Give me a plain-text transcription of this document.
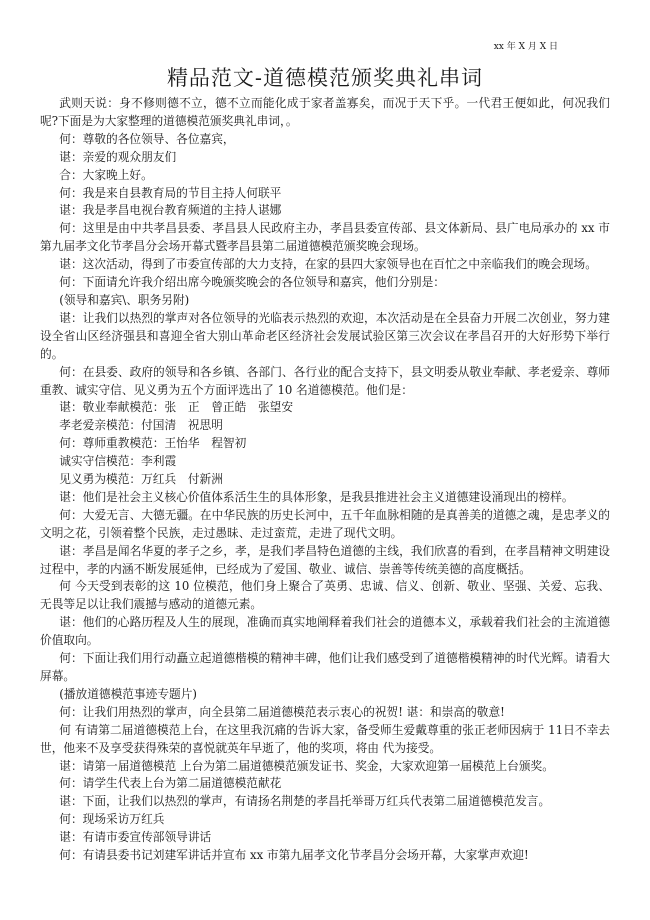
xx 年 X 月 X 日
精品范文-道德模范颁奖典礼串词

武则天说：身不修则德不立，德不立而能化成于家者盖寡矣，而况于天下乎。一代君王便如此，何况我们呢?下面是为大家整理的道德模范颁奖典礼串词，。

何：尊敬的各位领导、各位嘉宾，

谌：亲爱的观众朋友们

合：大家晚上好。

何：我是来自县教育局的节目主持人何联平

谌：我是孝昌电视台教育频道的主持人谌娜

何：这里是由中共孝昌县委、孝昌县人民政府主办，孝昌县委宣传部、县文体新局、县广电局承办的 xx 市第九届孝文化节孝昌分会场开幕式暨孝昌县第二届道德模范颁奖晚会现场。

谌：这次活动，得到了市委宣传部的大力支持，在家的县四大家领导也在百忙之中亲临我们的晚会现场。

何：下面请允许我介绍出席今晚颁奖晚会的各位领导和嘉宾，他们分别是：

(领导和嘉宾\、职务另附)

谌：让我们以热烈的掌声对各位领导的光临表示热烈的欢迎，本次活动是在全县奋力开展二次创业，努力建设全省山区经济强县和喜迎全省大别山革命老区经济社会发展试验区第三次会议在孝昌召开的大好形势下举行的。

何：在县委、政府的领导和各乡镇、各部门、各行业的配合支持下，县文明委从敬业奉献、孝老爱亲、尊师重教、诚实守信、见义勇为五个方面评选出了 10 名道德模范。他们是：

谌：敬业奉献模范：张　正　曾正皓　张望安

孝老爱亲模范：付国清　祝思明

何：尊师重教模范：王怡华　程智初

诚实守信模范：李利霞

见义勇为模范：万红兵　付新洲

谌：他们是社会主义核心价值体系活生生的具体形象，是我县推进社会主义道德建设涌现出的榜样。

何：大爱无言、大德无疆。在中华民族的历史长河中，五千年血脉相随的是真善美的道德之魂，是忠孝义的文明之花，引领着整个民族，走过愚昧、走过蛮荒，走进了现代文明。

谌：孝昌是闻名华夏的孝子之乡，孝，是我们孝昌特色道德的主线，我们欣喜的看到，在孝昌精神文明建设过程中，孝的内涵不断发展延伸，已经成为了爱国、敬业、诚信、崇善等传统美德的高度概括。

何 今天受到表彰的这 10 位模范，他们身上聚合了英勇、忠诚、信义、创新、敬业、坚强、关爱、忘我、无畏等足以让我们震撼与感动的道德元素。

谌：他们的心路历程及人生的展现，准确而真实地阐释着我们社会的道德本义，承载着我们社会的主流道德价值取向。

何：下面让我们用行动矗立起道德楷模的精神丰碑，他们让我们感受到了道德楷模精神的时代光辉。请看大屏幕。

(播放道德模范事迹专题片)

何：让我们用热烈的掌声，向全县第二届道德模范表示衷心的祝贺! 谌：和崇高的敬意!

何 有请第二届道德模范上台，在这里我沉痛的告诉大家，备受师生爱戴尊重的张正老师因病于 11日不幸去世，他来不及享受获得殊荣的喜悦就英年早逝了，他的奖项，将由 代为接受。

谌：请第一届道德模范 上台为第二届道德模范颁发证书、奖金，大家欢迎第一届模范上台颁奖。

何：请学生代表上台为第二届道德模范献花

谌：下面，让我们以热烈的掌声，有请扬名荆楚的孝昌托举哥万红兵代表第二届道德模范发言。

何：现场采访万红兵

谌：有请市委宣传部领导讲话

何：有请县委书记刘建军讲话并宣布 xx 市第九届孝文化节孝昌分会场开幕，大家掌声欢迎!
